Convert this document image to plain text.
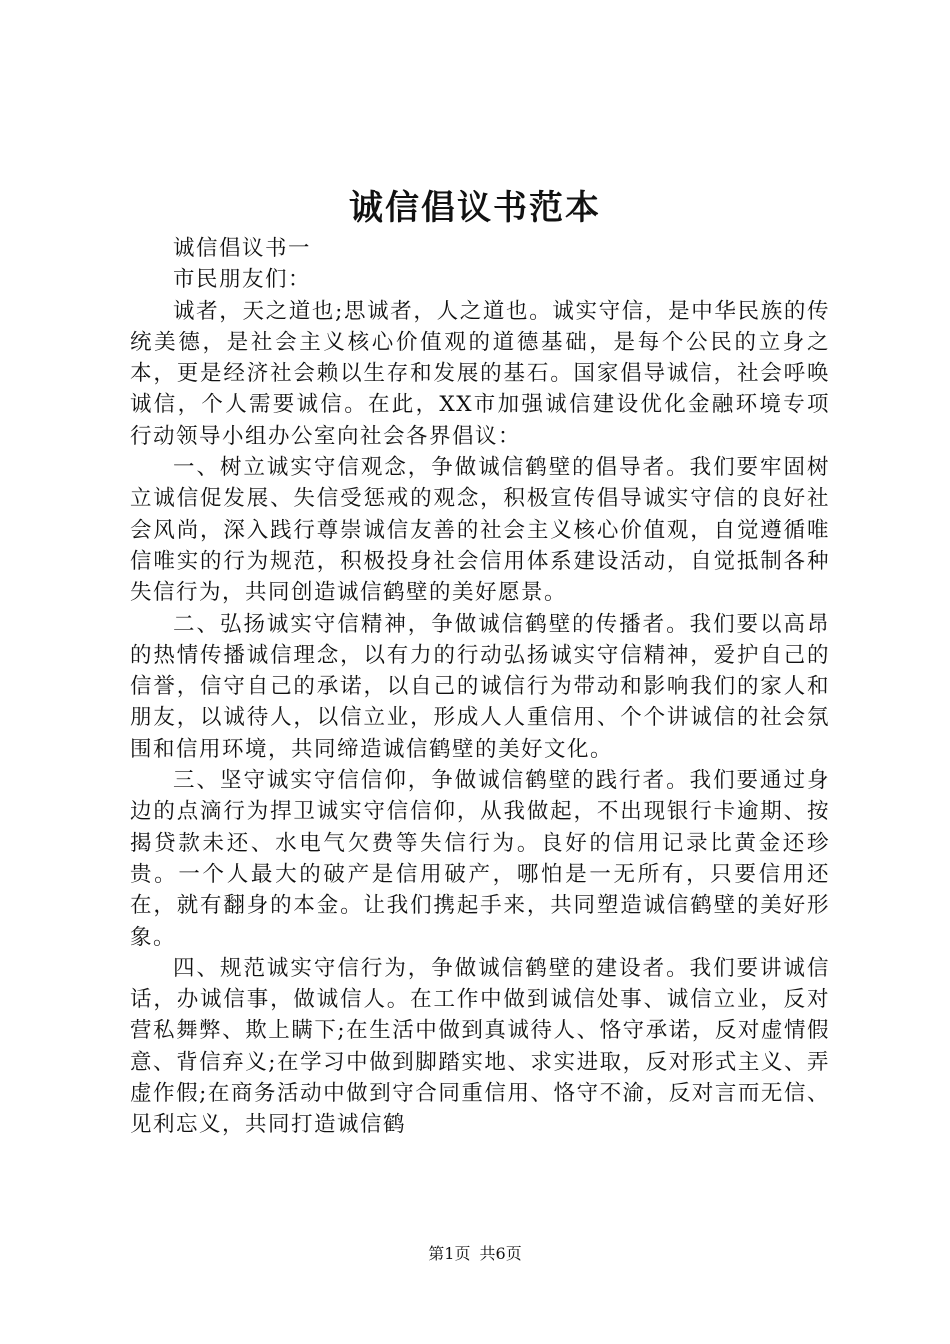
诚信倡议书范本

诚信倡议书一

市民朋友们：

诚者，天之道也;思诚者，人之道也。诚实守信，是中华民族的传统美德，是社会主义核心价值观的道德基础，是每个公民的立身之本，更是经济社会赖以生存和发展的基石。国家倡导诚信，社会呼唤诚信，个人需要诚信。在此，XX市加强诚信建设优化金融环境专项行动领导小组办公室向社会各界倡议：

一、树立诚实守信观念，争做诚信鹤壁的倡导者。我们要牢固树立诚信促发展、失信受惩戒的观念，积极宣传倡导诚实守信的良好社会风尚，深入践行尊崇诚信友善的社会主义核心价值观，自觉遵循唯信唯实的行为规范，积极投身社会信用体系建设活动，自觉抵制各种失信行为，共同创造诚信鹤壁的美好愿景。

二、弘扬诚实守信精神，争做诚信鹤壁的传播者。我们要以高昂的热情传播诚信理念，以有力的行动弘扬诚实守信精神，爱护自己的信誉，信守自己的承诺，以自己的诚信行为带动和影响我们的家人和朋友，以诚待人，以信立业，形成人人重信用、个个讲诚信的社会氛围和信用环境，共同缔造诚信鹤壁的美好文化。

三、坚守诚实守信信仰，争做诚信鹤壁的践行者。我们要通过身边的点滴行为捍卫诚实守信信仰，从我做起，不出现银行卡逾期、按揭贷款未还、水电气欠费等失信行为。良好的信用记录比黄金还珍贵。一个人最大的破产是信用破产，哪怕是一无所有，只要信用还在，就有翻身的本金。让我们携起手来，共同塑造诚信鹤壁的美好形象。

四、规范诚实守信行为，争做诚信鹤壁的建设者。我们要讲诚信话，办诚信事，做诚信人。在工作中做到诚信处事、诚信立业，反对营私舞弊、欺上瞒下;在生活中做到真诚待人、恪守承诺，反对虚情假意、背信弃义;在学习中做到脚踏实地、求实进取，反对形式主义、弄虚作假;在商务活动中做到守合同重信用、恪守不渝，反对言而无信、见利忘义，共同打造诚信鹤

第1页 共6页
